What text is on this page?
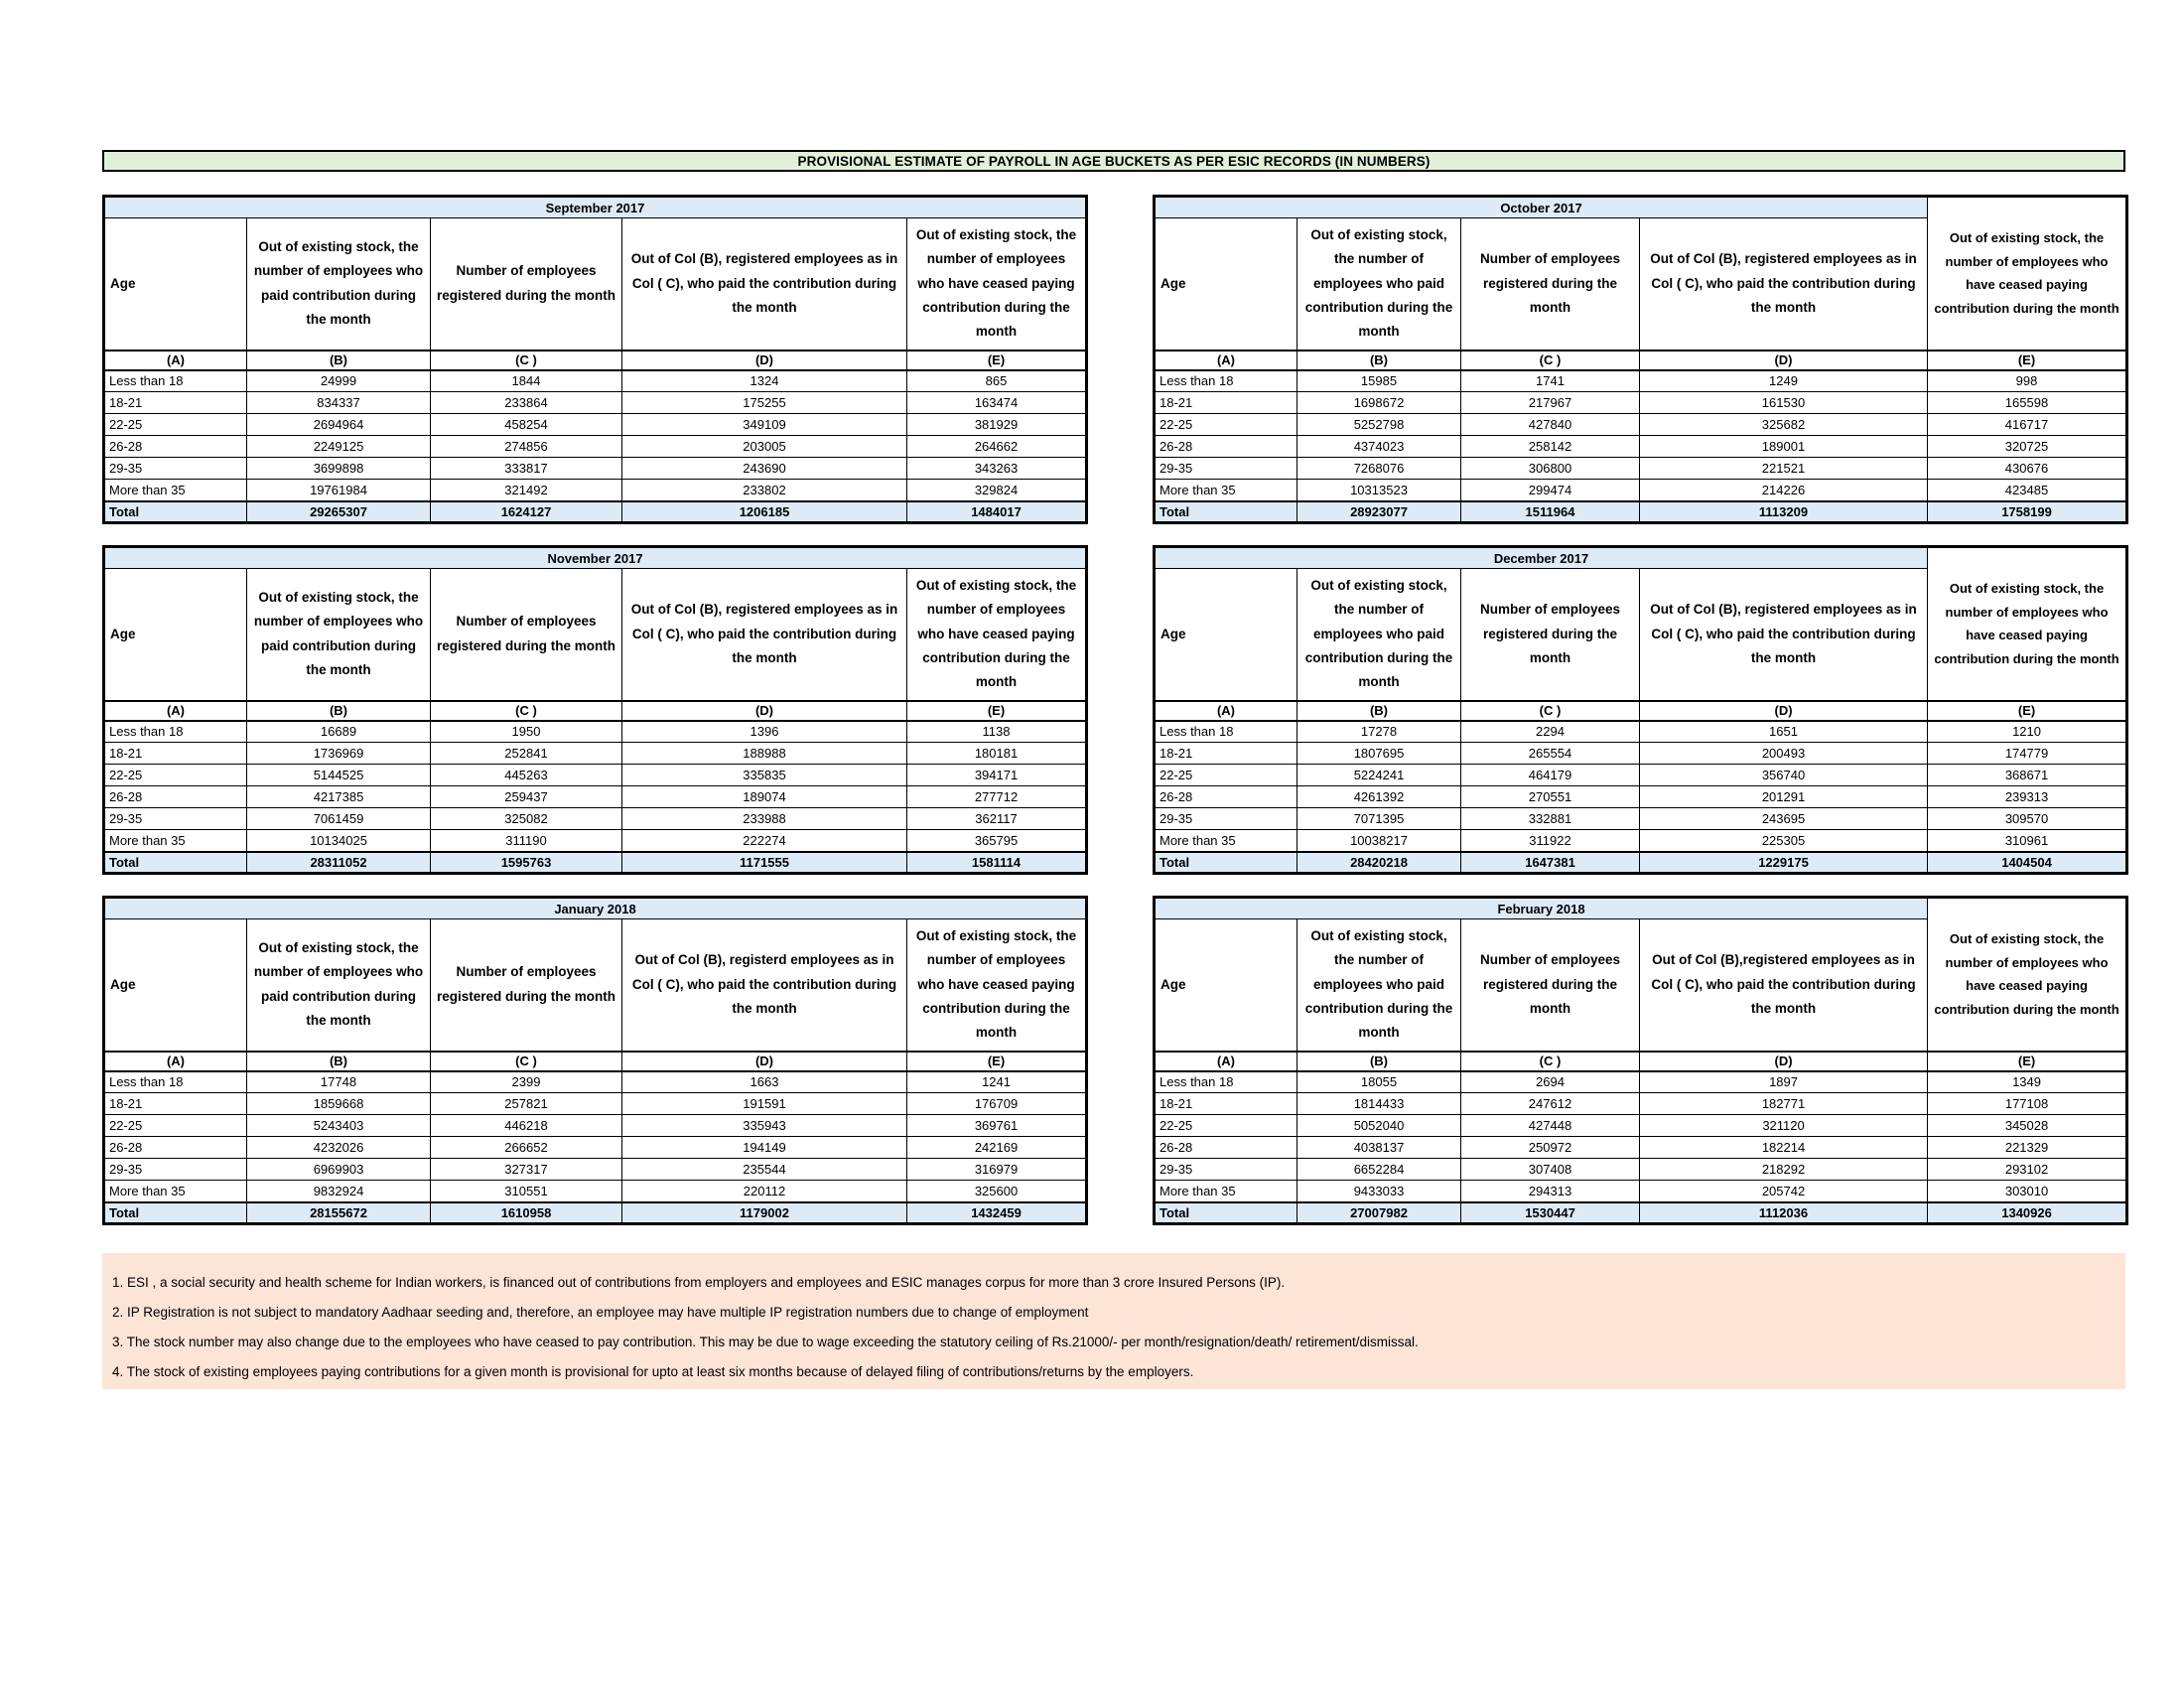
PROVISIONAL ESTIMATE OF PAYROLL IN AGE BUCKETS AS PER ESIC RECORDS (IN NUMBERS)
September 2017				
Age	Out of existing stock, the number of employees who paid contribution during the month	Number of employees registered during the month	Out of Col (B), registered employees as in Col ( C), who paid the contribution during the month	Out of existing stock, the number of employees who have ceased paying contribution during the month
(A)	(B)	(C )	(D)	(E)
Less than 18	24999	1844	1324	865
18-21	834337	233864	175255	163474
22-25	2694964	458254	349109	381929
26-28	2249125	274856	203005	264662
29-35	3699898	333817	243690	343263
More than 35	19761984	321492	233802	329824
Total	29265307	1624127	1206185	1484017
October 2017				Out of existing stock, the number of employees who have ceased paying contribution during the month
Age	Out of existing stock, the number of employees who paid contribution during the month	Number of employees registered during the month	Out of Col (B), registered employees as in Col ( C), who paid the contribution during the month	
(A)	(B)	(C )	(D)	(E)
Less than 18	15985	1741	1249	998
18-21	1698672	217967	161530	165598
22-25	5252798	427840	325682	416717
26-28	4374023	258142	189001	320725
29-35	7268076	306800	221521	430676
More than 35	10313523	299474	214226	423485
Total	28923077	1511964	1113209	1758199
November 2017				
Age	Out of existing stock, the number of employees who paid contribution during the month	Number of employees registered during the month	Out of Col (B), registered employees as in Col ( C), who paid the contribution during the month	Out of existing stock, the number of employees who have ceased paying contribution during the month
(A)	(B)	(C )	(D)	(E)
Less than 18	16689	1950	1396	1138
18-21	1736969	252841	188988	180181
22-25	5144525	445263	335835	394171
26-28	4217385	259437	189074	277712
29-35	7061459	325082	233988	362117
More than 35	10134025	311190	222274	365795
Total	28311052	1595763	1171555	1581114
December 2017				Out of existing stock, the number of employees who have ceased paying contribution during the month
Age	Out of existing stock, the number of employees who paid contribution during the month	Number of employees registered during the month	Out of Col (B), registered employees as in Col ( C), who paid the contribution during the month	
(A)	(B)	(C )	(D)	(E)
Less than 18	17278	2294	1651	1210
18-21	1807695	265554	200493	174779
22-25	5224241	464179	356740	368671
26-28	4261392	270551	201291	239313
29-35	7071395	332881	243695	309570
More than 35	10038217	311922	225305	310961
Total	28420218	1647381	1229175	1404504
January 2018				
Age	Out of existing stock, the number of employees who paid contribution during the month	Number of employees registered during the month	Out of Col (B), registerd employees as in Col ( C), who paid the contribution during the month	Out of existing stock, the number of employees who have ceased paying contribution during the month
(A)	(B)	(C )	(D)	(E)
Less than 18	17748	2399	1663	1241
18-21	1859668	257821	191591	176709
22-25	5243403	446218	335943	369761
26-28	4232026	266652	194149	242169
29-35	6969903	327317	235544	316979
More than 35	9832924	310551	220112	325600
Total	28155672	1610958	1179002	1432459
February 2018				Out of existing stock, the number of employees who have ceased paying contribution during the month
Age	Out of existing stock, the number of employees who paid contribution during the month	Number of employees registered during the month	Out of Col (B),registered employees as in Col ( C), who paid the contribution during the month	
(A)	(B)	(C )	(D)	(E)
Less than 18	18055	2694	1897	1349
18-21	1814433	247612	182771	177108
22-25	5052040	427448	321120	345028
26-28	4038137	250972	182214	221329
29-35	6652284	307408	218292	293102
More than 35	9433033	294313	205742	303010
Total	27007982	1530447	1112036	1340926

1. ESI , a social security and health scheme for Indian workers, is financed out of contributions from employers and employees and ESIC manages corpus for more than 3 crore Insured Persons (IP).

2. IP Registration is not subject to mandatory Aadhaar seeding and, therefore, an employee may have multiple IP registration numbers due to change of employment

3. The stock number may also change due to the employees who have ceased to pay contribution. This may be due to wage exceeding the statutory ceiling of Rs.21000/- per month/resignation/death/ retirement/dismissal.

4. The stock of existing employees paying contributions for a given month is provisional for upto at least six months because of delayed filing of contributions/returns by the employers.
